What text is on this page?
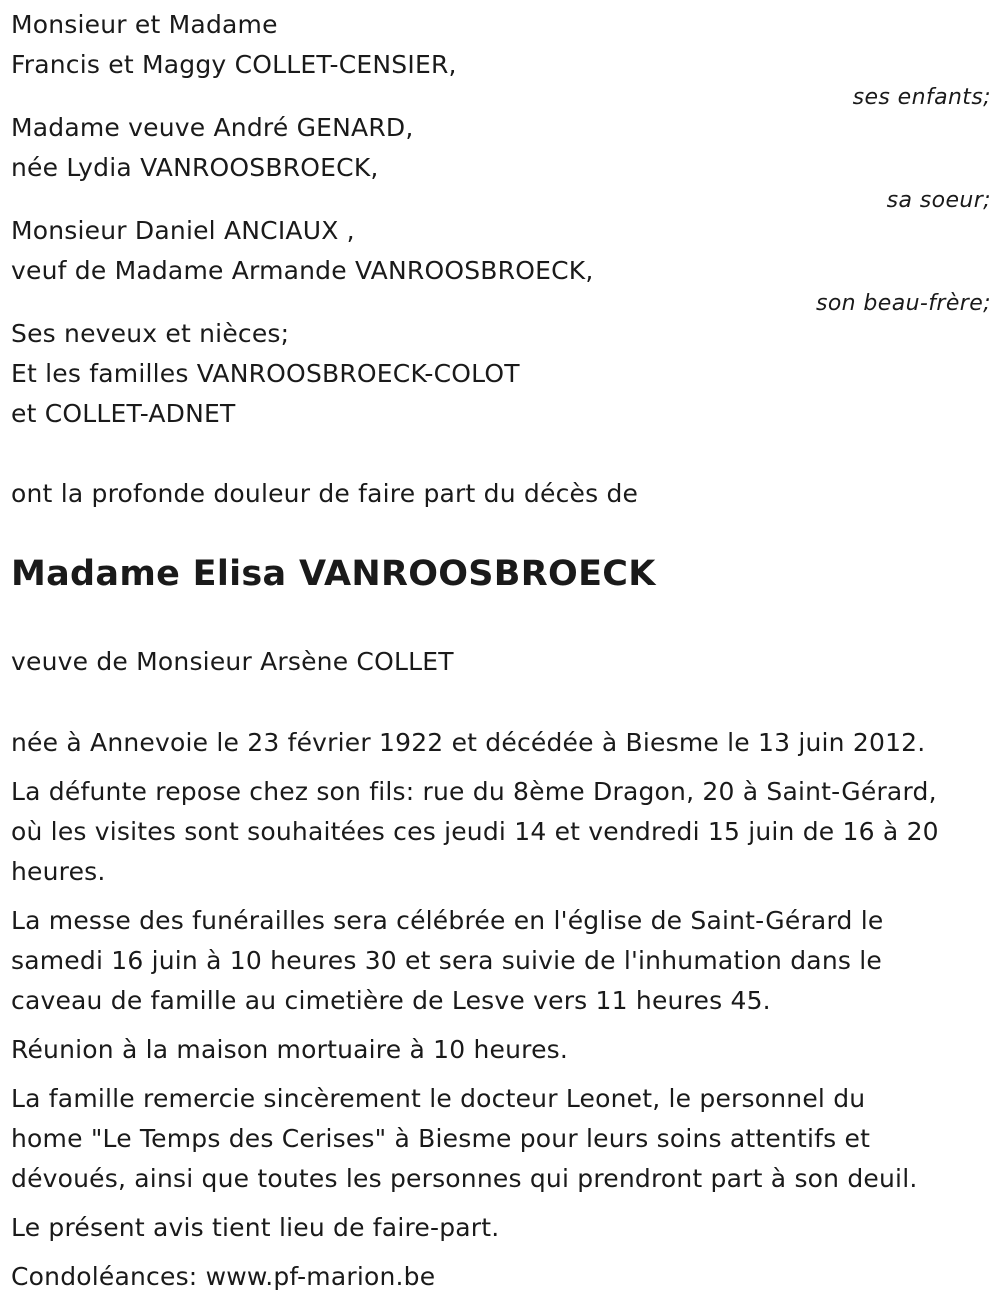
Monsieur et Madame
Francis et Maggy COLLET-CENSIER,
ses enfants;
Madame veuve André GENARD,
née Lydia VANROOSBROECK,
sa soeur;
Monsieur Daniel ANCIAUX ,
veuf de Madame Armande VANROOSBROECK,
son beau-frère;
Ses neveux et nièces;
Et les familles VANROOSBROECK-COLOT
et COLLET-ADNET
ont la profonde douleur de faire part du décès de
Madame Elisa VANROOSBROECK
veuve de Monsieur Arsène COLLET

née à Annevoie le 23 février 1922 et décédée à Biesme le 13 juin 2012.

La défunte repose chez son fils: rue du 8ème Dragon, 20 à Saint-Gérard,
où les visites sont souhaitées ces jeudi 14 et vendredi 15 juin de 16 à 20
heures.

La messe des funérailles sera célébrée en l'église de Saint-Gérard le
samedi 16 juin à 10 heures 30 et sera suivie de l'inhumation dans le
caveau de famille au cimetière de Lesve vers 11 heures 45.

Réunion à la maison mortuaire à 10 heures.

La famille remercie sincèrement le docteur Leonet, le personnel du
home "Le Temps des Cerises" à Biesme pour leurs soins attentifs et
dévoués, ainsi que toutes les personnes qui prendront part à son deuil.

Le présent avis tient lieu de faire-part.

Condoléances: www.pf-marion.be
